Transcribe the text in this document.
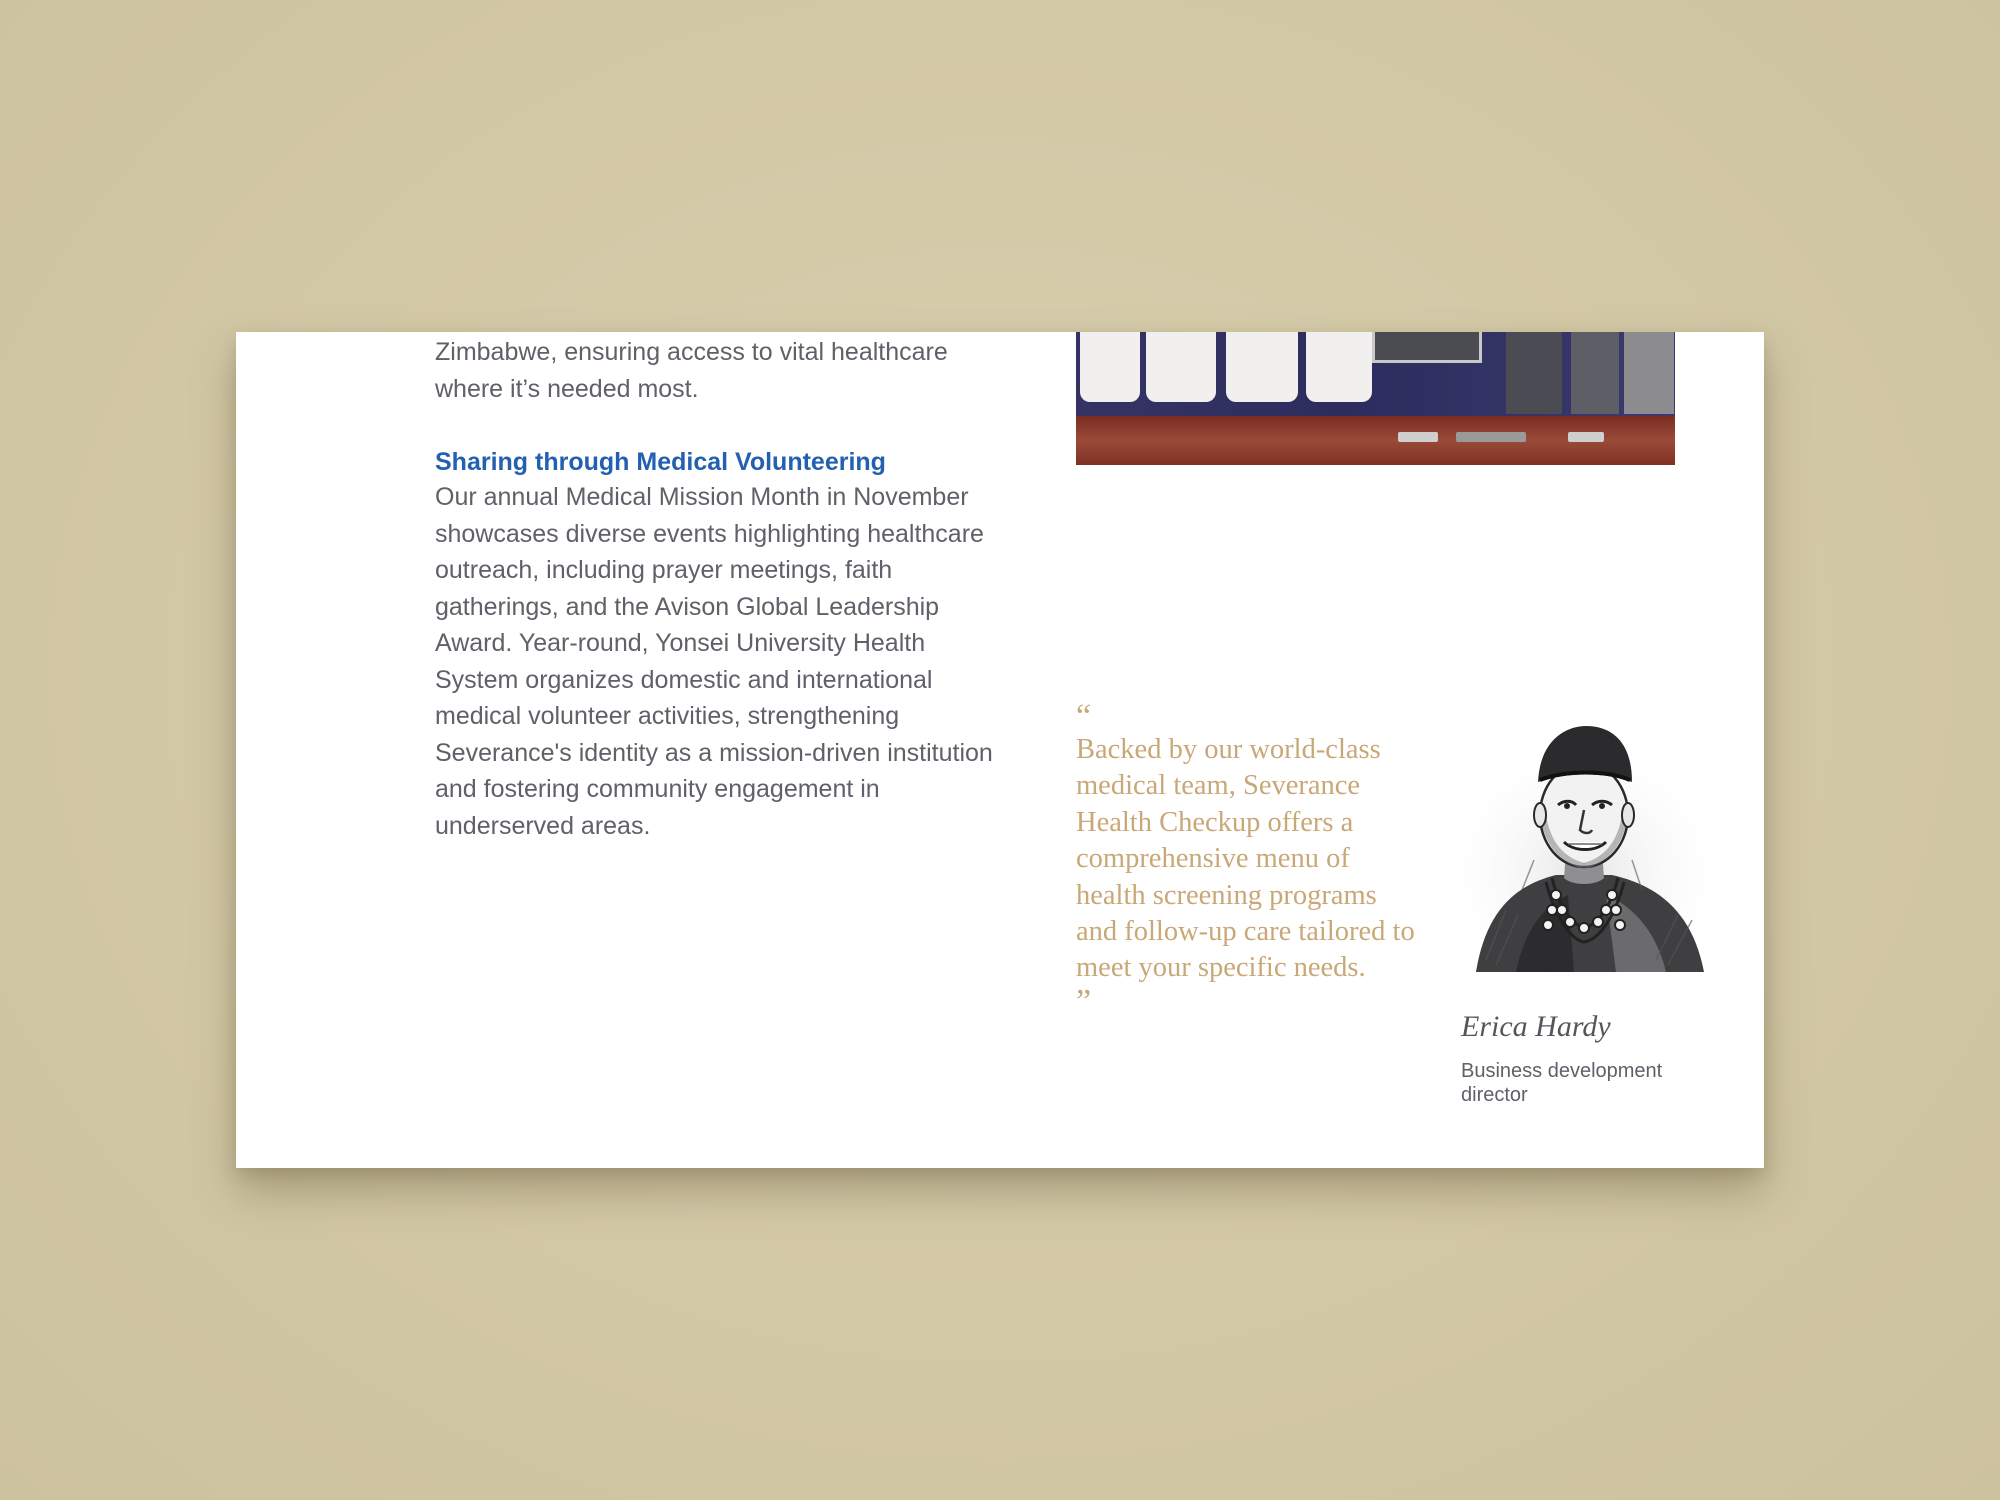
Zimbabwe, ensuring access to vital healthcare where it’s needed most.

Sharing through Medical Volunteering

Our annual Medical Mission Month in November showcases diverse events highlighting healthcare outreach, including prayer meetings, faith gatherings, and the Avison Global Leadership Award. Year-round, Yonsei University Health System organizes domestic and international medical volunteer activities, strengthening Severance's identity as a mission-driven institution and fostering community engagement in underserved areas.

“

Backed by our world-class medical team, Severance Health Checkup offers a comprehensive menu of health screening programs and follow-up care tailored to meet your specific needs.

”

Erica Hardy

Business development director
